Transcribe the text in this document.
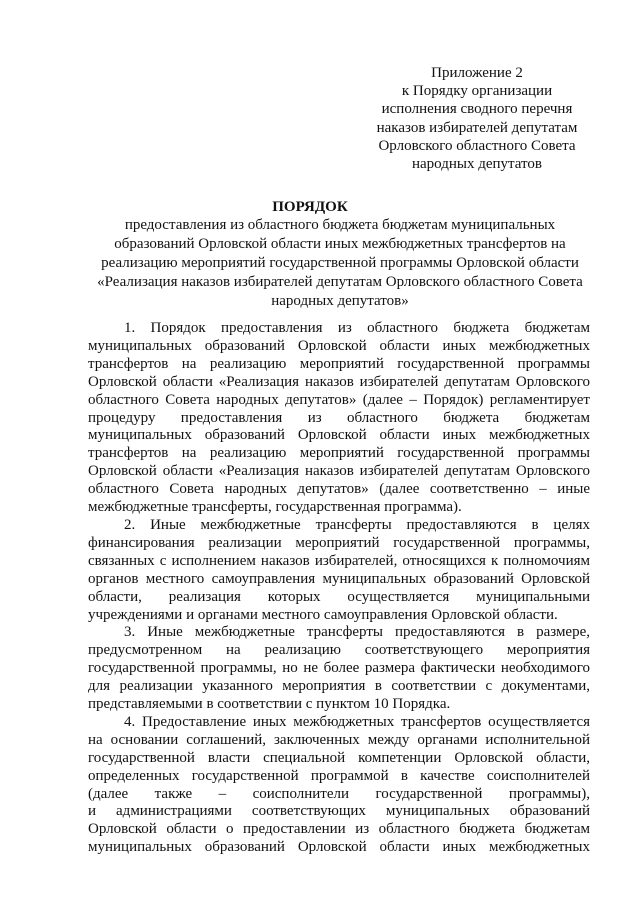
Приложение 2
к Порядку организации
исполнения сводного перечня
наказов избирателей депутатам
Орловского областного Совета
народных депутатов
ПОРЯДОК
предоставления из областного бюджета бюджетам муниципальных
образований Орловской области иных межбюджетных трансфертов на
реализацию мероприятий государственной программы Орловской области
«Реализация наказов избирателей депутатам Орловского областного Совета
народных депутатов»
1. Порядок предоставления из областного бюджета бюджетам
муниципальных образований Орловской области иных межбюджетных
трансфертов на реализацию мероприятий государственной программы
Орловской области «Реализация наказов избирателей депутатам Орловского
областного Совета народных депутатов» (далее – Порядок) регламентирует
процедуру предоставления из областного бюджета бюджетам
муниципальных образований Орловской области иных межбюджетных
трансфертов на реализацию мероприятий государственной программы
Орловской области «Реализация наказов избирателей депутатам Орловского
областного Совета народных депутатов» (далее соответственно – иные
межбюджетные трансферты, государственная программа).
2. Иные межбюджетные трансферты предоставляются в целях
финансирования реализации мероприятий государственной программы,
связанных с исполнением наказов избирателей, относящихся к полномочиям
органов местного самоуправления муниципальных образований Орловской
области, реализация которых осуществляется муниципальными
учреждениями и органами местного самоуправления Орловской области.
3. Иные межбюджетные трансферты предоставляются в размере,
предусмотренном на реализацию соответствующего мероприятия
государственной программы, но не более размера фактически необходимого
для реализации указанного мероприятия в соответствии с документами,
представляемыми в соответствии с пунктом 10 Порядка.
4. Предоставление иных межбюджетных трансфертов осуществляется
на основании соглашений, заключенных между органами исполнительной
государственной власти специальной компетенции Орловской области,
определенных государственной программой в качестве соисполнителей
(далее также – соисполнители государственной программы),
и администрациями соответствующих муниципальных образований
Орловской области о предоставлении из областного бюджета бюджетам
муниципальных образований Орловской области иных межбюджетных
